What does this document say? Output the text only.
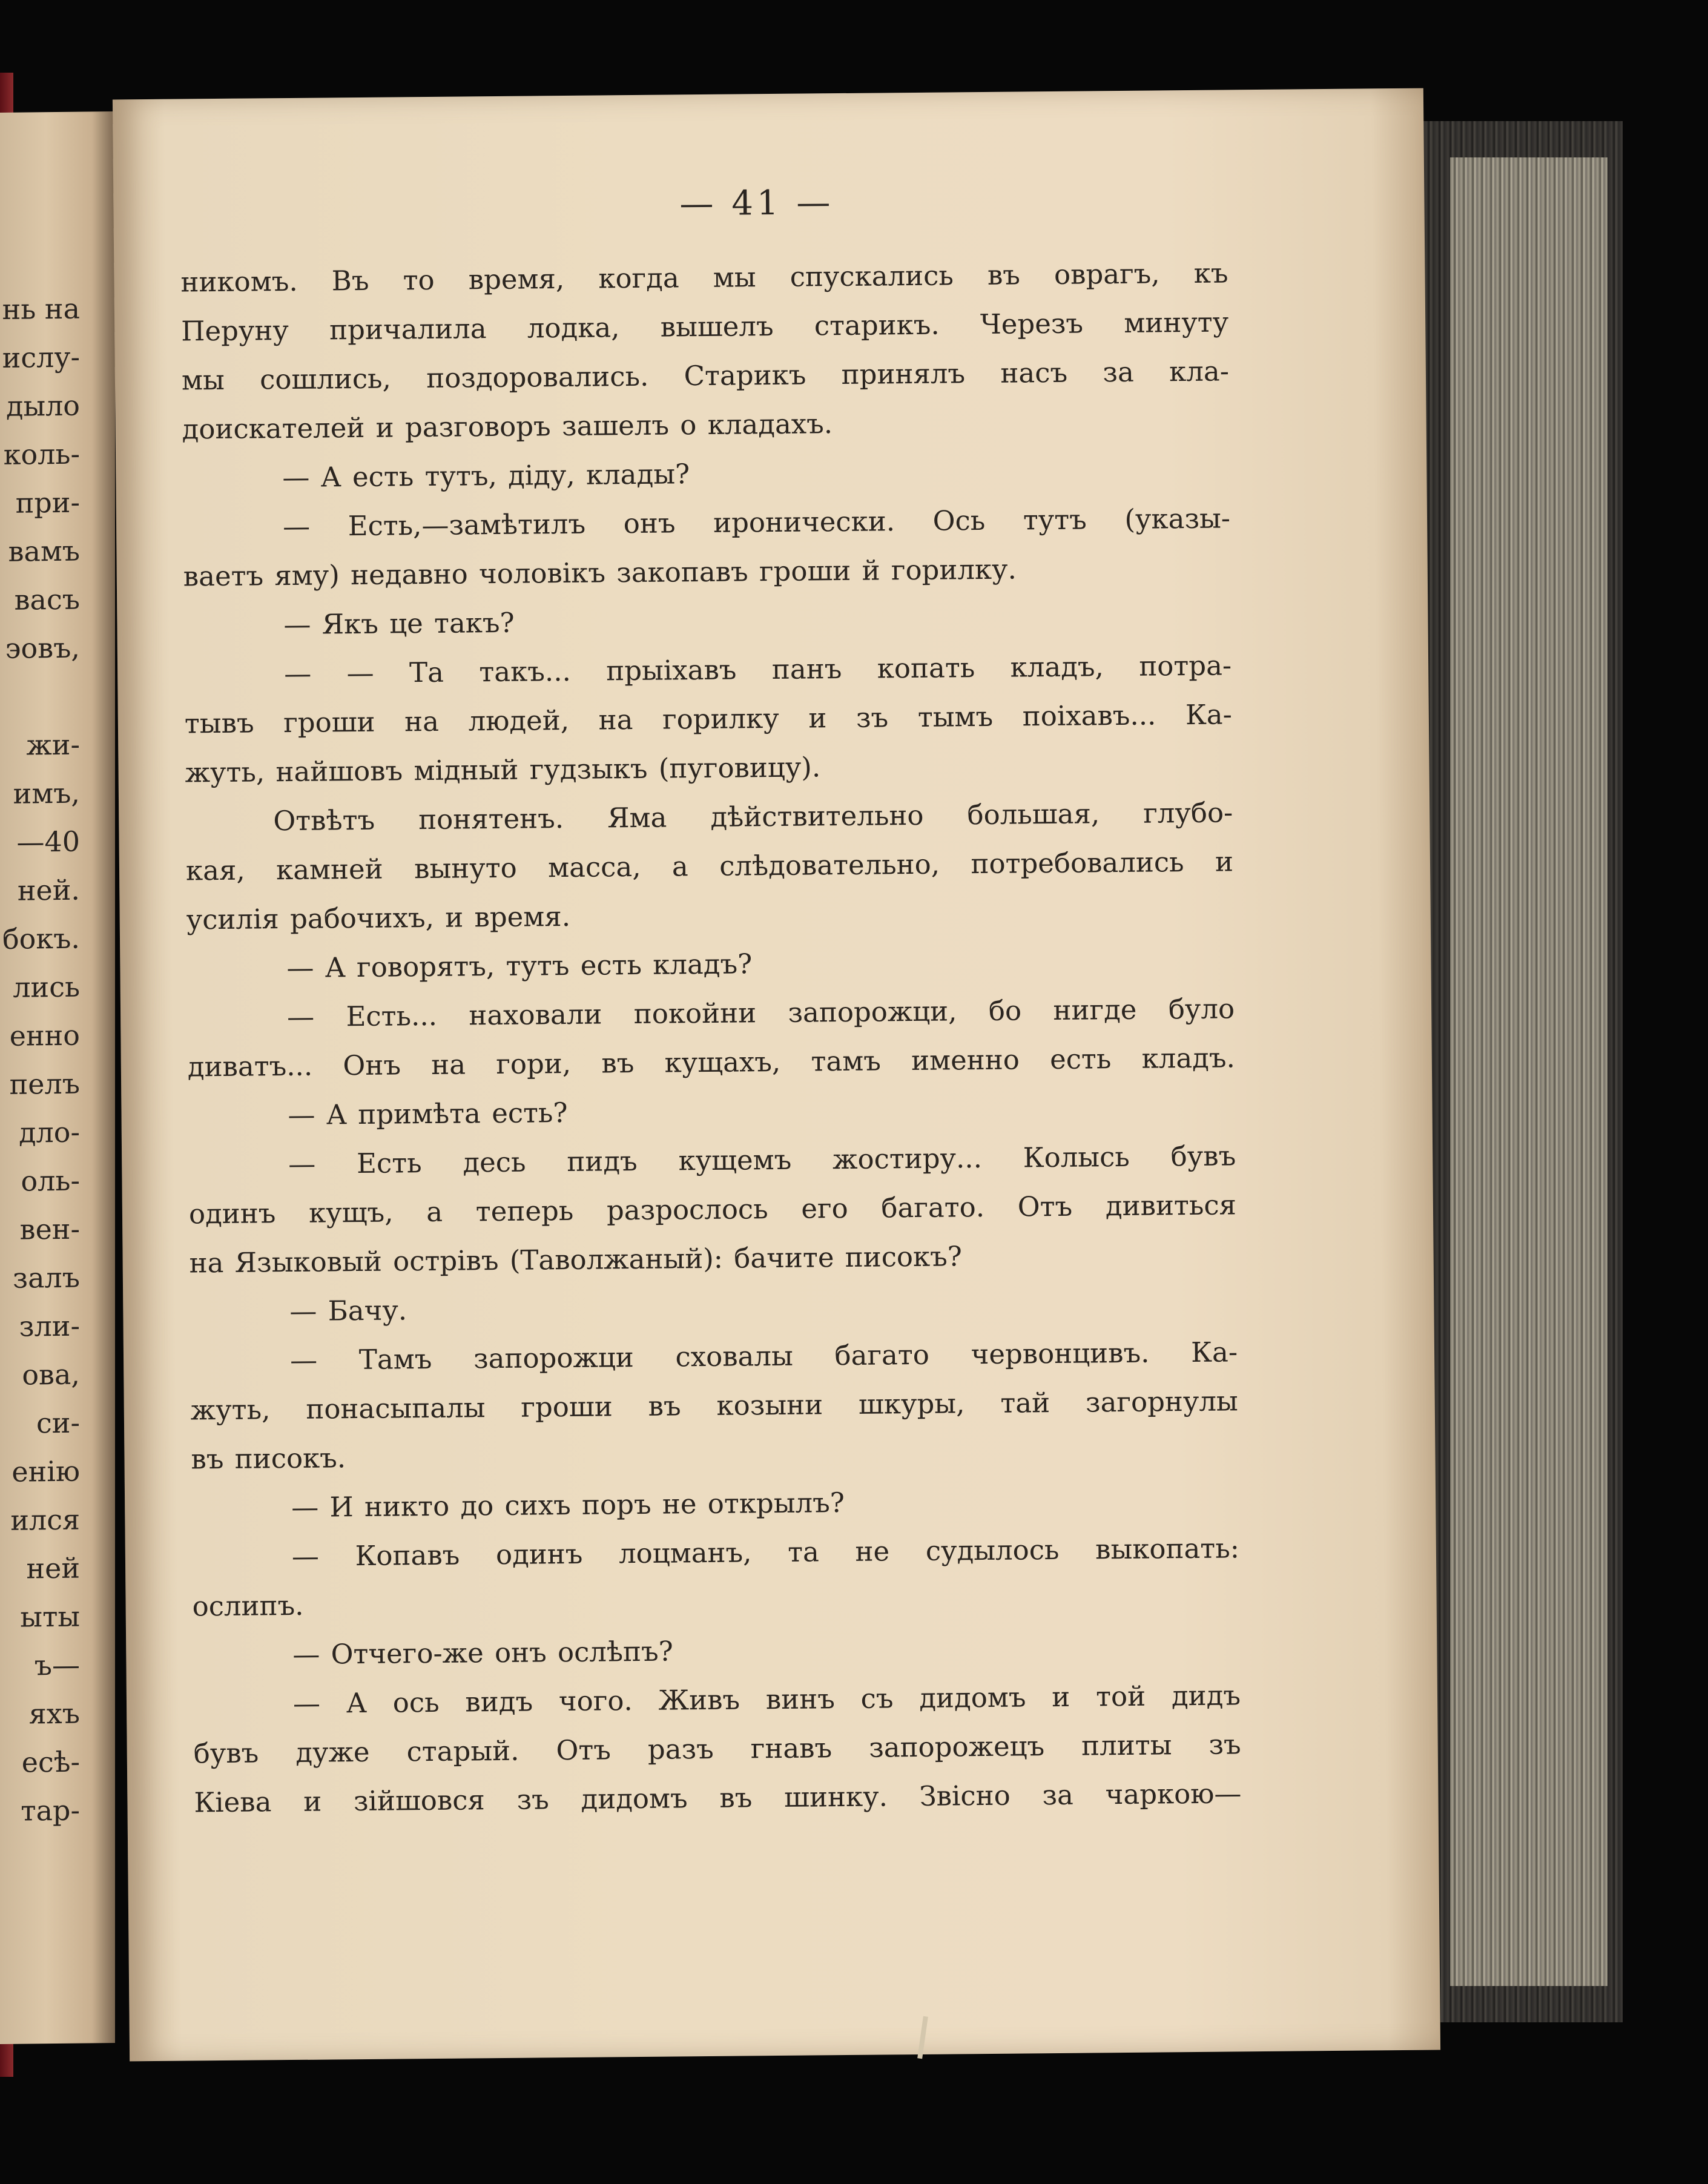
нь на
ислу-
дыло
коль-
при-
вамъ
васъ
эовъ,
жи-
имъ,
—40
ней.
бокъ.
лись
енно
пелъ
дло-
оль-
вен-
залъ
зли-
ова,
си-
енію
ился
ней
ыты
ъ—
яхъ
есѣ-
тар-
— 41 —
никомъ. Въ то время, когда мы спускались въ оврагъ, къ
Перуну причалила лодка, вышелъ старикъ. Черезъ минуту
мы сошлись, поздоровались. Старикъ принялъ насъ за кла-
доискателей и разговоръ зашелъ о кладахъ.
— А есть тутъ, діду, клады?
— Есть,—замѣтилъ онъ иронически. Ось тутъ (указы-
ваетъ яму) недавно чоловікъ закопавъ гроши й горилку.
— Якъ це такъ?
— — Та такъ... прыіхавъ панъ копать кладъ, потра-
тывъ гроши на людей, на горилку и зъ тымъ поіхавъ... Ка-
жуть, найшовъ мідный гудзыкъ (пуговицу).
Отвѣтъ понятенъ. Яма дѣйствительно большая, глубо-
кая, камней вынуто масса, а слѣдовательно, потребовались и
усилія рабочихъ, и время.
— А говорятъ, тутъ есть кладъ?
— Есть... наховали покойни запорожци, бо нигде було
диватъ... Онъ на гори, въ кущахъ, тамъ именно есть кладъ.
— А примѣта есть?
— Есть десь пидъ кущемъ жостиру... Колысь бувъ
одинъ кущъ, а теперь разрослось его багато. Отъ дивиться
на Языковый острівъ (Таволжаный): бачите писокъ?
— Бачу.
— Тамъ запорожци сховалы багато червонцивъ. Ка-
жуть, понасыпалы гроши въ козыни шкуры, тай загорнулы
въ писокъ.
— И никто до сихъ поръ не открылъ?
— Копавъ одинъ лоцманъ, та не судылось выкопать:
ослипъ.
— Отчего-же онъ ослѣпъ?
— А ось видъ чого. Живъ винъ съ дидомъ и той дидъ
бувъ дуже старый. Отъ разъ гнавъ запорожецъ плиты зъ
Кіева и зійшовся зъ дидомъ въ шинку. Звісно за чаркою—
